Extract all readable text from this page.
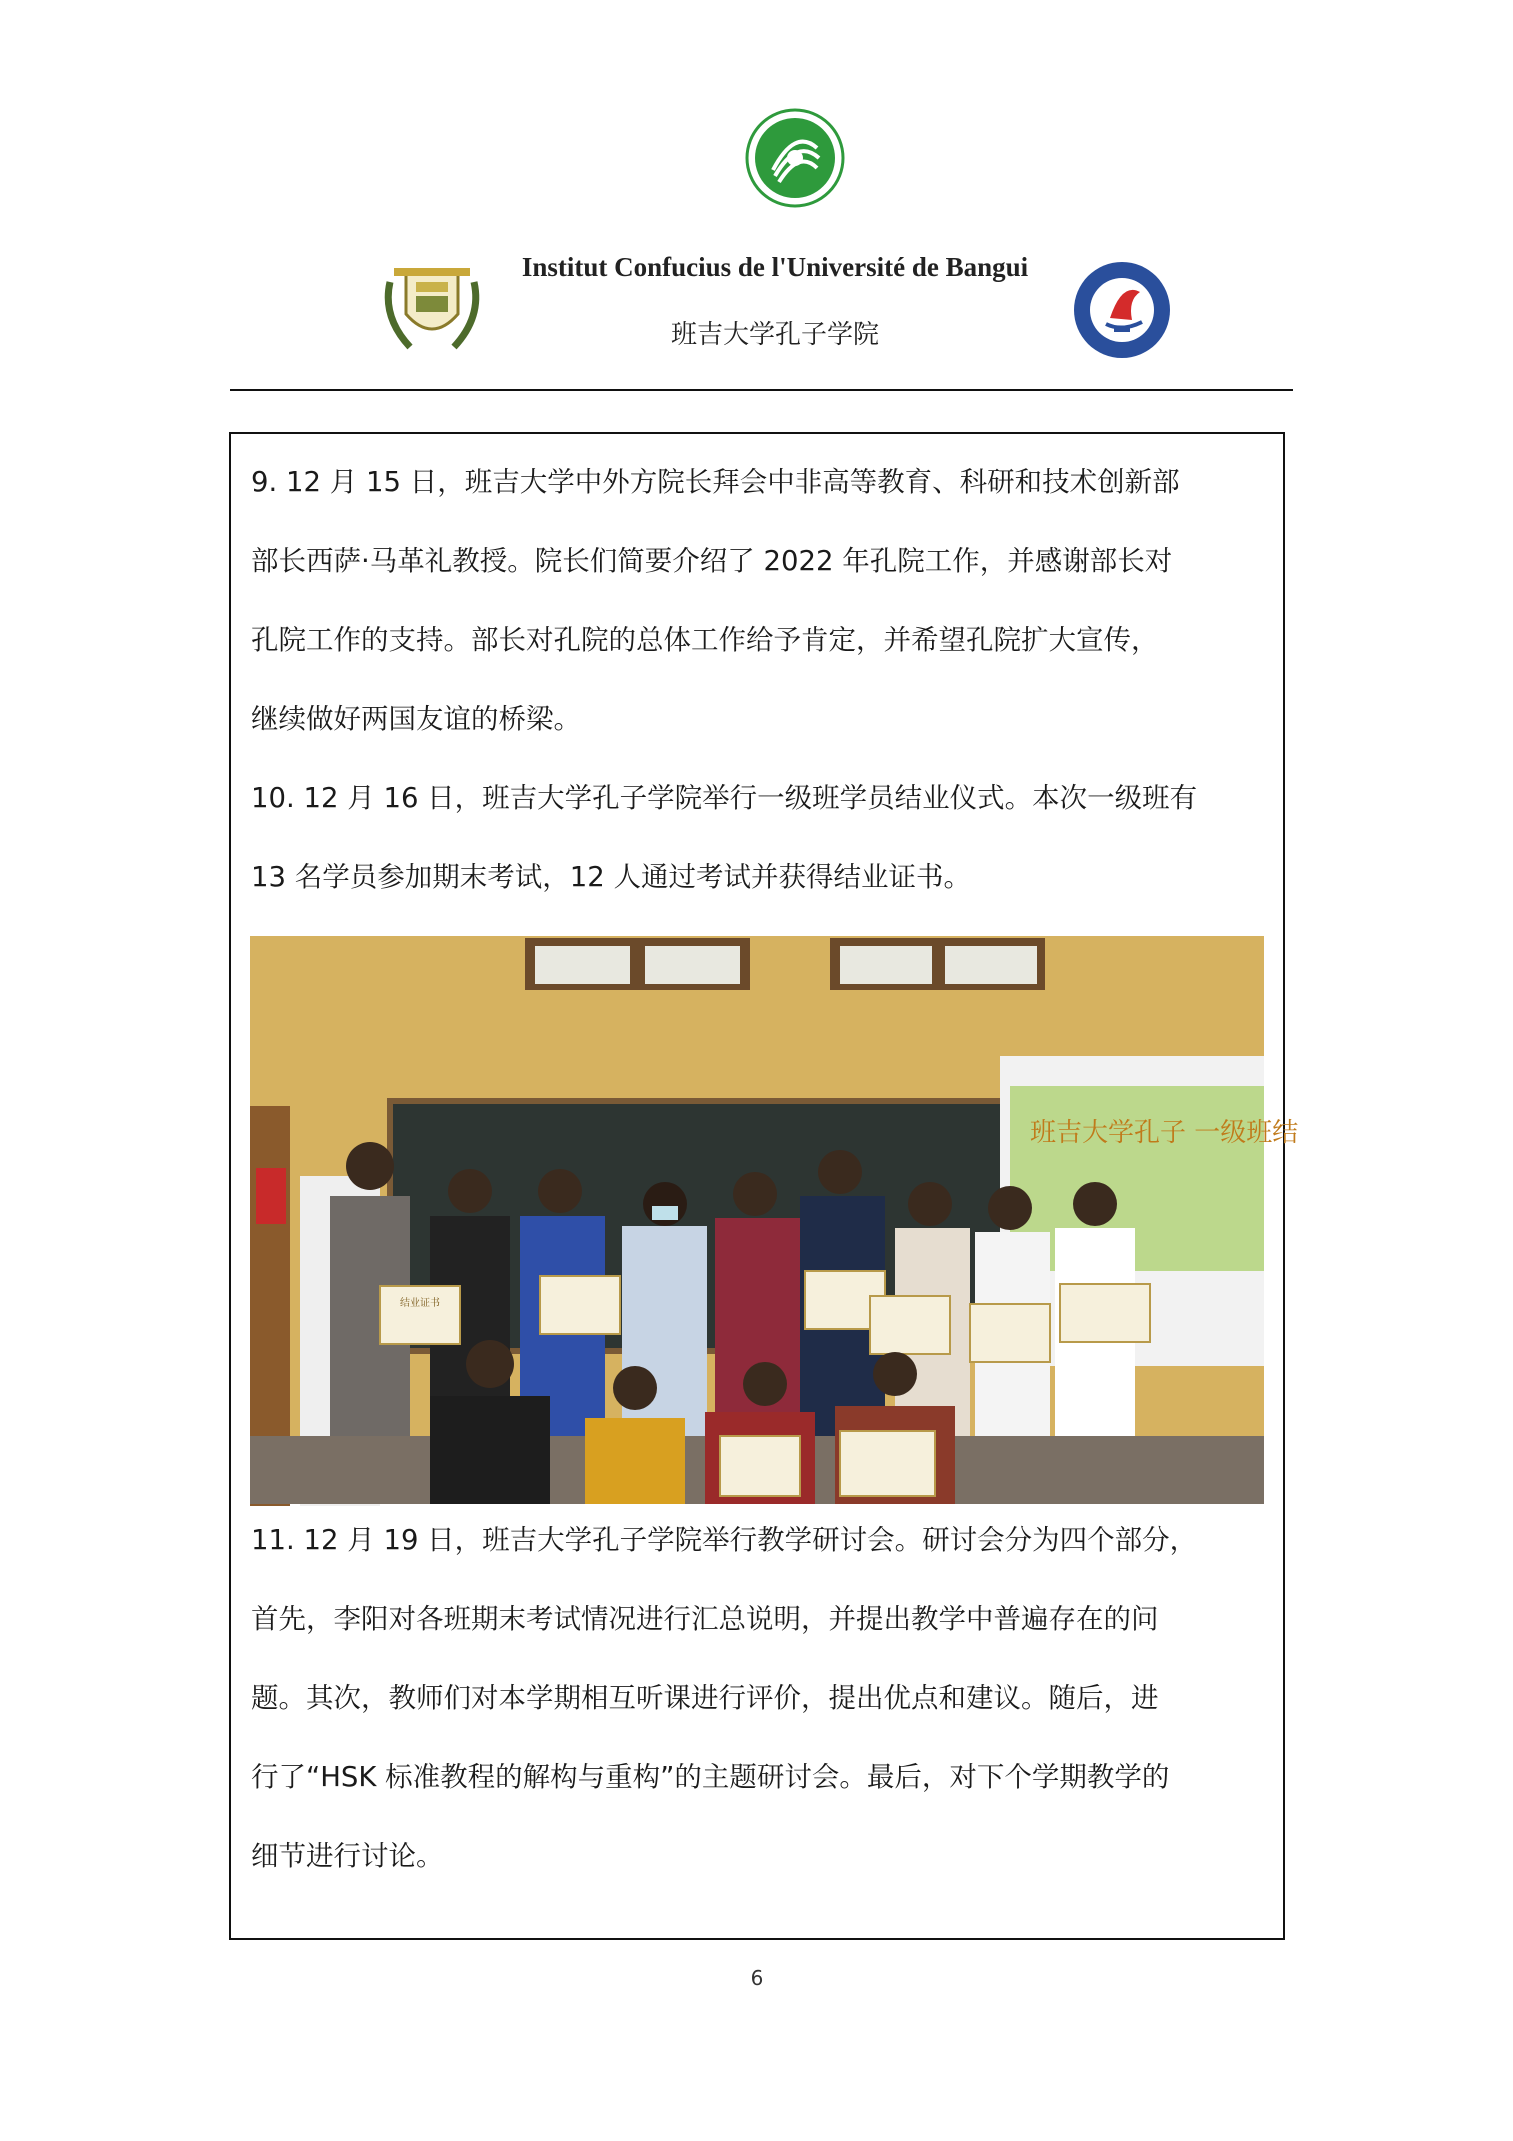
Institut Confucius de l'Université de Bangui
班吉大学孔子学院
9. 12 月 15 日，班吉大学中外方院长拜会中非高等教育、科研和技术创新部
部长西萨·马革礼教授。院长们简要介绍了 2022 年孔院工作，并感谢部长对
孔院工作的支持。部长对孔院的总体工作给予肯定，并希望孔院扩大宣传，
继续做好两国友谊的桥梁。
10. 12 月 16 日，班吉大学孔子学院举行一级班学员结业仪式。本次一级班有
13 名学员参加期末考试，12 人通过考试并获得结业证书。
班吉大学孔子 一级班结
结业证书
11. 12 月 19 日，班吉大学孔子学院举行教学研讨会。研讨会分为四个部分，
首先，李阳对各班期末考试情况进行汇总说明，并提出教学中普遍存在的问
题。其次，教师们对本学期相互听课进行评价，提出优点和建议。随后，进
行了“HSK 标准教程的解构与重构”的主题研讨会。最后，对下个学期教学的
细节进行讨论。
6
